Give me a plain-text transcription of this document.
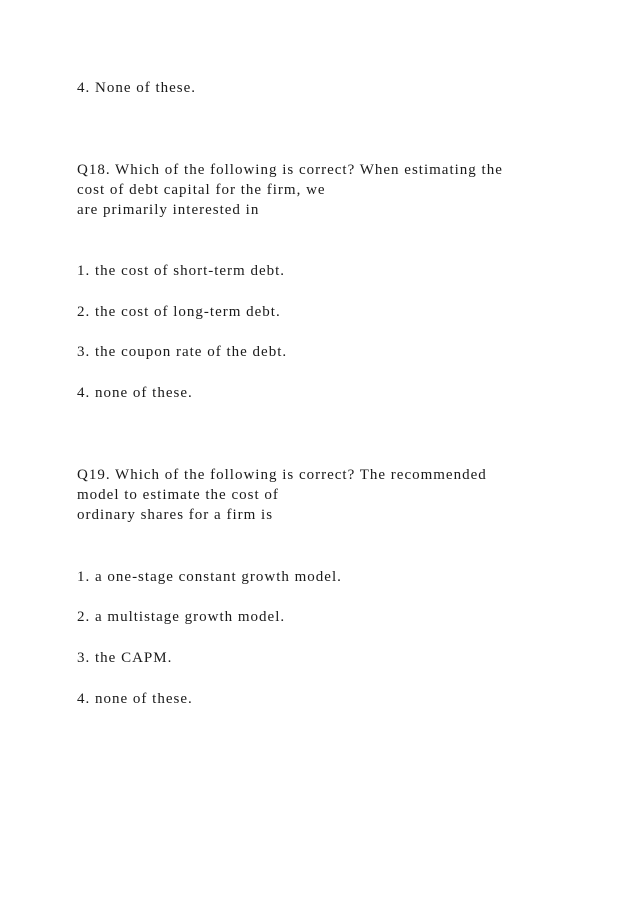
4. None of these.

Q18. Which of the following is correct? When estimating the

cost of debt capital for the firm, we

are primarily interested in

1. the cost of short-term debt.

2. the cost of long-term debt.

3. the coupon rate of the debt.

4. none of these.

Q19. Which of the following is correct? The recommended

model to estimate the cost of

ordinary shares for a firm is

1. a one-stage constant growth model.

2. a multistage growth model.

3. the CAPM.

4. none of these.
